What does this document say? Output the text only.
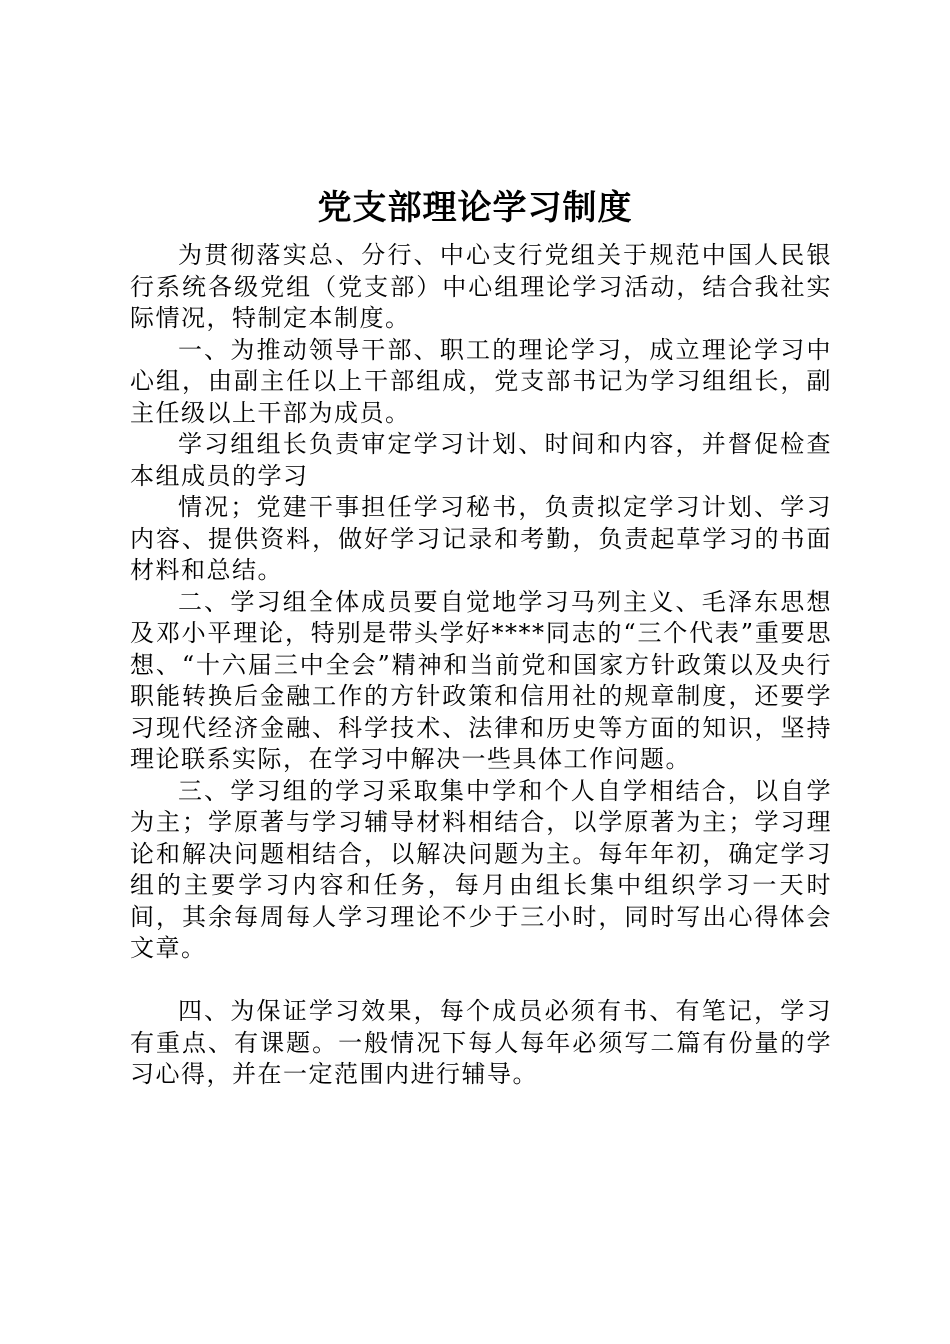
党支部理论学习制度

为贯彻落实总、分行、中心支行党组关于规范中国人民银行系统各级党组（党支部）中心组理论学习活动，结合我社实际情况，特制定本制度。

一、为推动领导干部、职工的理论学习，成立理论学习中心组，由副主任以上干部组成，党支部书记为学习组组长，副主任级以上干部为成员。

学习组组长负责审定学习计划、时间和内容，并督促检查本组成员的学习

情况；党建干事担任学习秘书，负责拟定学习计划、学习内容、提供资料，做好学习记录和考勤，负责起草学习的书面材料和总结。

二、学习组全体成员要自觉地学习马列主义、毛泽东思想及邓小平理论，特别是带头学好****同志的“三个代表”重要思想、“十六届三中全会”精神和当前党和国家方针政策以及央行职能转换后金融工作的方针政策和信用社的规章制度，还要学习现代经济金融、科学技术、法律和历史等方面的知识，坚持理论联系实际，在学习中解决一些具体工作问题。

三、学习组的学习采取集中学和个人自学相结合，以自学为主；学原著与学习辅导材料相结合，以学原著为主；学习理论和解决问题相结合，以解决问题为主。每年年初，确定学习组的主要学习内容和任务，每月由组长集中组织学习一天时间，其余每周每人学习理论不少于三小时，同时写出心得体会文章。

四、为保证学习效果，每个成员必须有书、有笔记，学习有重点、有课题。一般情况下每人每年必须写二篇有份量的学习心得，并在一定范围内进行辅导。
